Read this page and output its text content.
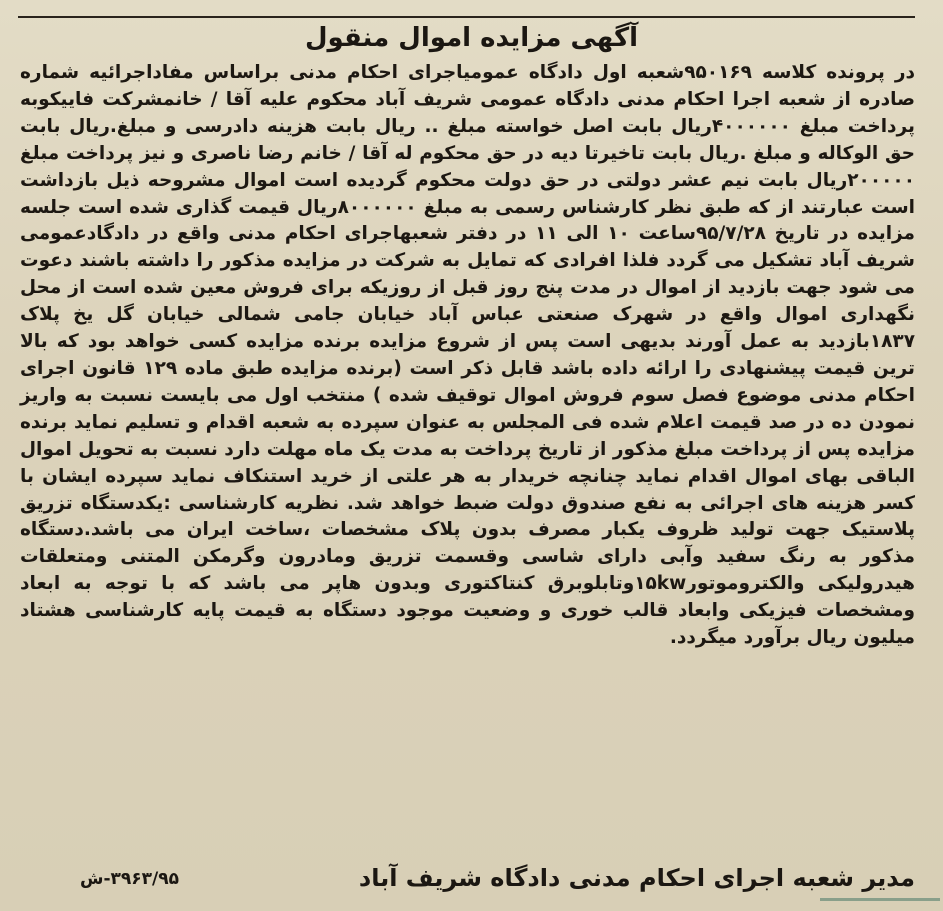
آگهی مزایده اموال منقول

در پرونده کلاسه ۹۵۰۱۶۹شعبه اول دادگاه عمومیاجرای احکام مدنی براساس مفاداجرائیه شماره صادره از شعبه اجرا احکام مدنی دادگاه عمومی شریف آباد محکوم علیه آقا / خانمشرکت فاییکوبه پرداخت مبلغ ۴۰۰۰۰۰۰ریال بابت اصل خواسته مبلغ .. ریال بابت هزینه دادرسی و مبلغ.ریال بابت حق الوکاله و مبلغ .ریال بابت تاخیرتا دیه در حق محکوم له آقا / خانم رضا ناصری و نیز پرداخت مبلغ ۲۰۰۰۰۰ریال بابت نیم عشر دولتی در حق دولت محکوم گردیده است اموال مشروحه ذیل بازداشت است عبارتند از که طبق نظر کارشناس رسمی به مبلغ ۸۰۰۰۰۰۰ریال قیمت گذاری شده است جلسه مزایده در تاریخ ۹۵/۷/۲۸ساعت ۱۰ الی ۱۱ در دفتر شعبهاجرای احکام مدنی واقع در دادگادعمومی شریف آباد تشکیل می گردد فلذا افرادی که تمایل به شرکت در مزایده مذکور را داشته باشند دعوت می شود جهت بازدید از اموال در مدت پنج روز قبل از روزیکه برای فروش معین شده است از محل نگهداری اموال واقع در شهرک صنعتی عباس آباد خیابان جامی شمالی خیابان گل یخ پلاک ۱۸۳۷بازدید به عمل آورند بدیهی است پس از شروع مزایده برنده مزایده کسی خواهد بود که بالا ترین قیمت پیشنهادی را ارائه داده باشد قابل ذکر است (برنده مزایده طبق ماده ۱۲۹ قانون اجرای احکام مدنی موضوع فصل سوم فروش اموال توقیف شده ) منتخب اول می بایست نسبت به واریز نمودن ده در صد قیمت اعلام شده فی المجلس به عنوان سپرده به شعبه اقدام و تسلیم نماید برنده مزایده پس از پرداخت مبلغ مذکور از تاریخ پرداخت به مدت یک ماه مهلت دارد نسبت به تحویل اموال الباقی بهای اموال اقدام نماید چنانچه خریدار به هر علتی از خرید استنکاف نماید سپرده ایشان با کسر هزینه های اجرائی به نفع صندوق دولت ضبط خواهد شد. نظریه کارشناسی :یکدستگاه تزریق پلاستیک جهت تولید ظروف یکبار مصرف بدون پلاک مشخصات ،ساخت ایران می باشد.دستگاه مذکور به رنگ سفید وآبی دارای شاسی وقسمت تزریق ومادرون وگرمکن المتنی ومتعلقات هیدرولیکی والکتروموتور۱۵kwوتابلوبرق کنتاکتوری وبدون هاپر می باشد که با توجه به ابعاد ومشخصات فیزیکی وابعاد قالب خوری و وضعیت موجود دستگاه به قیمت پایه کارشناسی هشتاد میلیون ریال برآورد میگردد.

مدیر شعبه اجرای احکام مدنی دادگاه شریف آباد
۳۹۶۳/۹۵-ش
